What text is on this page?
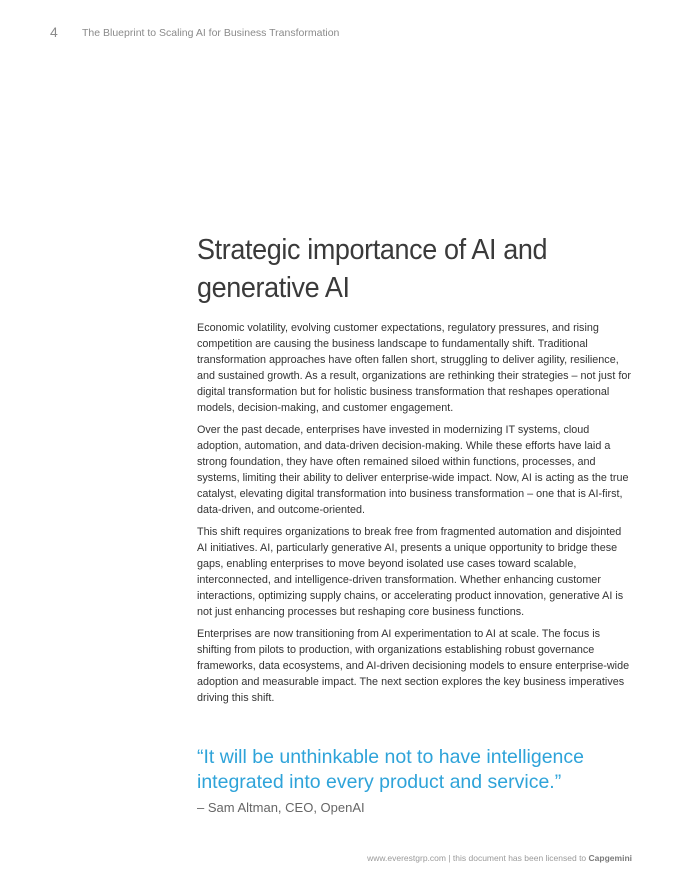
4 The Blueprint to Scaling AI for Business Transformation
Strategic importance of AI and generative AI

Economic volatility, evolving customer expectations, regulatory pressures, and rising competition are causing the business landscape to fundamentally shift. Traditional transformation approaches have often fallen short, struggling to deliver agility, resilience, and sustained growth. As a result, organizations are rethinking their strategies – not just for digital transformation but for holistic business transformation that reshapes operational models, decision-making, and customer engagement.

Over the past decade, enterprises have invested in modernizing IT systems, cloud adoption, automation, and data-driven decision-making. While these efforts have laid a strong foundation, they have often remained siloed within functions, processes, and systems, limiting their ability to deliver enterprise-wide impact. Now, AI is acting as the true catalyst, elevating digital transformation into business transformation – one that is AI-first, data-driven, and outcome-oriented.

This shift requires organizations to break free from fragmented automation and disjointed AI initiatives. AI, particularly generative AI, presents a unique opportunity to bridge these gaps, enabling enterprises to move beyond isolated use cases toward scalable, interconnected, and intelligence-driven transformation. Whether enhancing customer interactions, optimizing supply chains, or accelerating product innovation, generative AI is not just enhancing processes but reshaping core business functions.

Enterprises are now transitioning from AI experimentation to AI at scale. The focus is shifting from pilots to production, with organizations establishing robust governance frameworks, data ecosystems, and AI-driven decisioning models to ensure enterprise-wide adoption and measurable impact. The next section explores the key business imperatives driving this shift.

“It will be unthinkable not to have intelligence integrated into every product and service.”

– Sam Altman, CEO, OpenAI
www.everestgrp.com | this document has been licensed to Capgemini
